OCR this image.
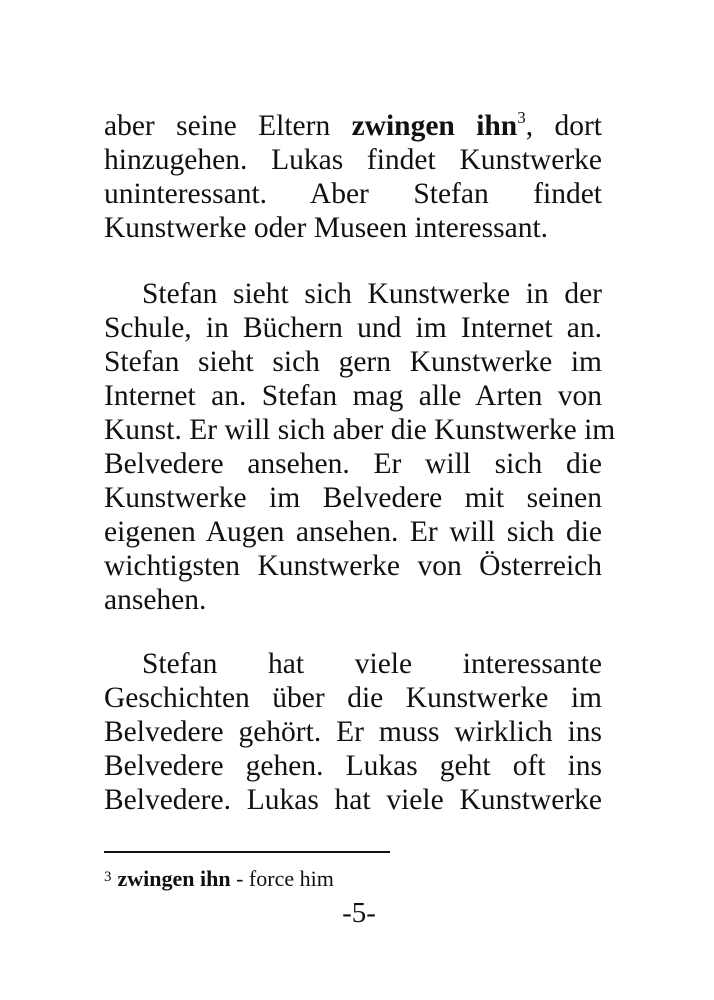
aber seine Eltern zwingen ihn$^3$, dort
hinzugehen. Lukas findet Kunstwerke
uninteressant. Aber Stefan findet
Kunstwerke oder Museen interessant.
Stefan sieht sich Kunstwerke in der
Schule, in Büchern und im Internet an.
Stefan sieht sich gern Kunstwerke im
Internet an. Stefan mag alle Arten von
Kunst. Er will sich aber die Kunstwerke im
Belvedere ansehen. Er will sich die
Kunstwerke im Belvedere mit seinen
eigenen Augen ansehen. Er will sich die
wichtigsten Kunstwerke von Österreich
ansehen.
Stefan hat viele interessante
Geschichten über die Kunstwerke im
Belvedere gehört. Er muss wirklich ins
Belvedere gehen. Lukas geht oft ins
Belvedere. Lukas hat viele Kunstwerke
$^3$ zwingen ihn - force him
-5-
